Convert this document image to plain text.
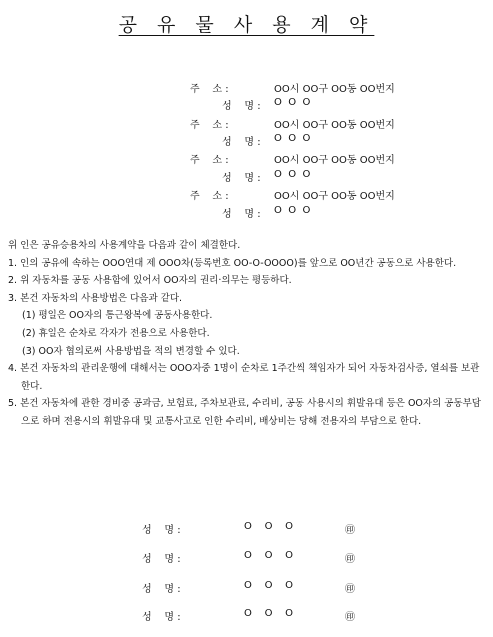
공 유 물 사 용 계 약
주    소 :	OO시 OO구 OO동 OO번지
성    명 : O  O  O
주    소 :	OO시 OO구 OO동 OO번지
성    명 : O  O  O
주    소 :	OO시 OO구 OO동 OO번지
성    명 : O  O  O
주    소 :	OO시 OO구 OO동 OO번지
성    명 : O  O  O
위 인은 공유승용차의 사용계약을 다음과 같이 체결한다.
1. 인의 공유에 속하는 OOO연대 제 OOO차(등록번호 OO-O-OOOO)를 앞으로 OO년간 공동으로 사용한다.
2. 위 자동차를 공동 사용함에 있어서 OO자의 권리·의무는 평등하다.
3. 본건 자동차의 사용방법은 다음과 같다.
(1) 평일은 OO자의 통근왕복에 공동사용한다.
(2) 휴일은 순차로 각자가 전용으로 사용한다.
(3) OO자 협의로써 사용방법을 적의 변경할 수 있다.
4. 본건 자동차의 관리운행에 대해서는 OOO자중 1명이 순차로 1주간씩 책임자가 되어 자동차검사증, 열쇠를 보관한다.
5. 본건 자동차에 관한 경비중 공과금, 보험료, 주차보관료, 수리비, 공동 사용시의 휘발유대 등은 OO자의 공동부담으로 하며 전용시의 휘발유대 및 교통사고로 인한 수리비, 배상비는 당해 전용자의 부담으로 한다.
성    명 :	O    O    O	㊞
성    명 :	O    O    O	㊞
성    명 :	O    O    O	㊞
성    명 :	O    O    O	㊞
